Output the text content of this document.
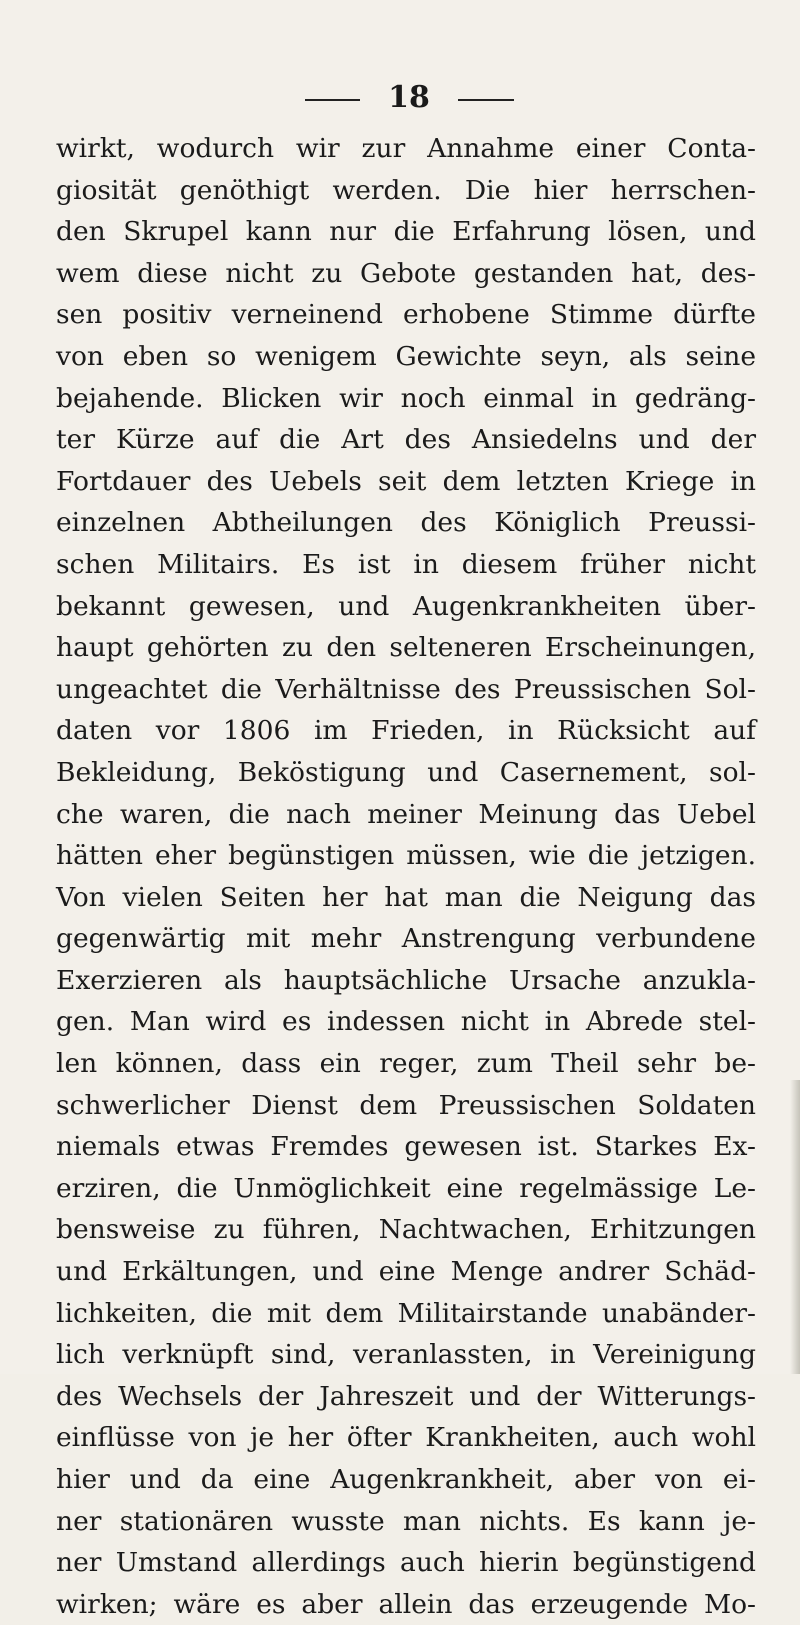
18
wirkt, wodurch wir zur Annahme einer Conta-
giosität genöthigt werden. Die hier herrschen-
den Skrupel kann nur die Erfahrung lösen, und
wem diese nicht zu Gebote gestanden hat, des-
sen positiv verneinend erhobene Stimme dürfte
von eben so wenigem Gewichte seyn, als seine
bejahende. Blicken wir noch einmal in gedräng-
ter Kürze auf die Art des Ansiedelns und der
Fortdauer des Uebels seit dem letzten Kriege in
einzelnen Abtheilungen des Königlich Preussi-
schen Militairs. Es ist in diesem früher nicht
bekannt gewesen, und Augenkrankheiten über-
haupt gehörten zu den selteneren Erscheinungen,
ungeachtet die Verhältnisse des Preussischen Sol-
daten vor 1806 im Frieden, in Rücksicht auf
Bekleidung, Beköstigung und Casernement, sol-
che waren, die nach meiner Meinung das Uebel
hätten eher begünstigen müssen, wie die jetzigen.
Von vielen Seiten her hat man die Neigung das
gegenwärtig mit mehr Anstrengung verbundene
Exerzieren als hauptsächliche Ursache anzukla-
gen. Man wird es indessen nicht in Abrede stel-
len können, dass ein reger, zum Theil sehr be-
schwerlicher Dienst dem Preussischen Soldaten
niemals etwas Fremdes gewesen ist. Starkes Ex-
erziren, die Unmöglichkeit eine regelmässige Le-
bensweise zu führen, Nachtwachen, Erhitzungen
und Erkältungen, und eine Menge andrer Schäd-
lichkeiten, die mit dem Militairstande unabänder-
lich verknüpft sind, veranlassten, in Vereinigung
des Wechsels der Jahreszeit und der Witterungs-
einflüsse von je her öfter Krankheiten, auch wohl
hier und da eine Augenkrankheit, aber von ei-
ner stationären wusste man nichts. Es kann je-
ner Umstand allerdings auch hierin begünstigend
wirken; wäre es aber allein das erzeugende Mo-
